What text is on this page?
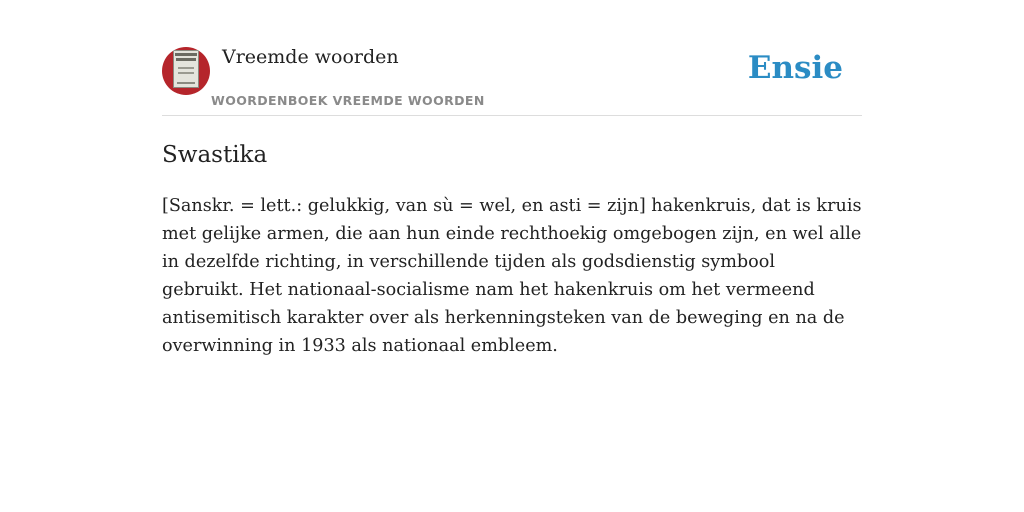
Vreemde woorden
WOORDENBOEK VREEMDE WOORDEN
Ensie
Swastika

[Sanskr. = lett.: gelukkig, van sù = wel, en asti = zijn] hakenkruis, dat is kruis met gelijke armen, die aan hun einde rechthoekig omgebogen zijn, en wel alle in dezelfde richting, in verschillende tijden als godsdienstig symbool gebruikt. Het nationaal-socialisme nam het hakenkruis om het vermeend antisemitisch karakter over als herkenningsteken van de beweging en na de overwinning in 1933 als nationaal embleem.
